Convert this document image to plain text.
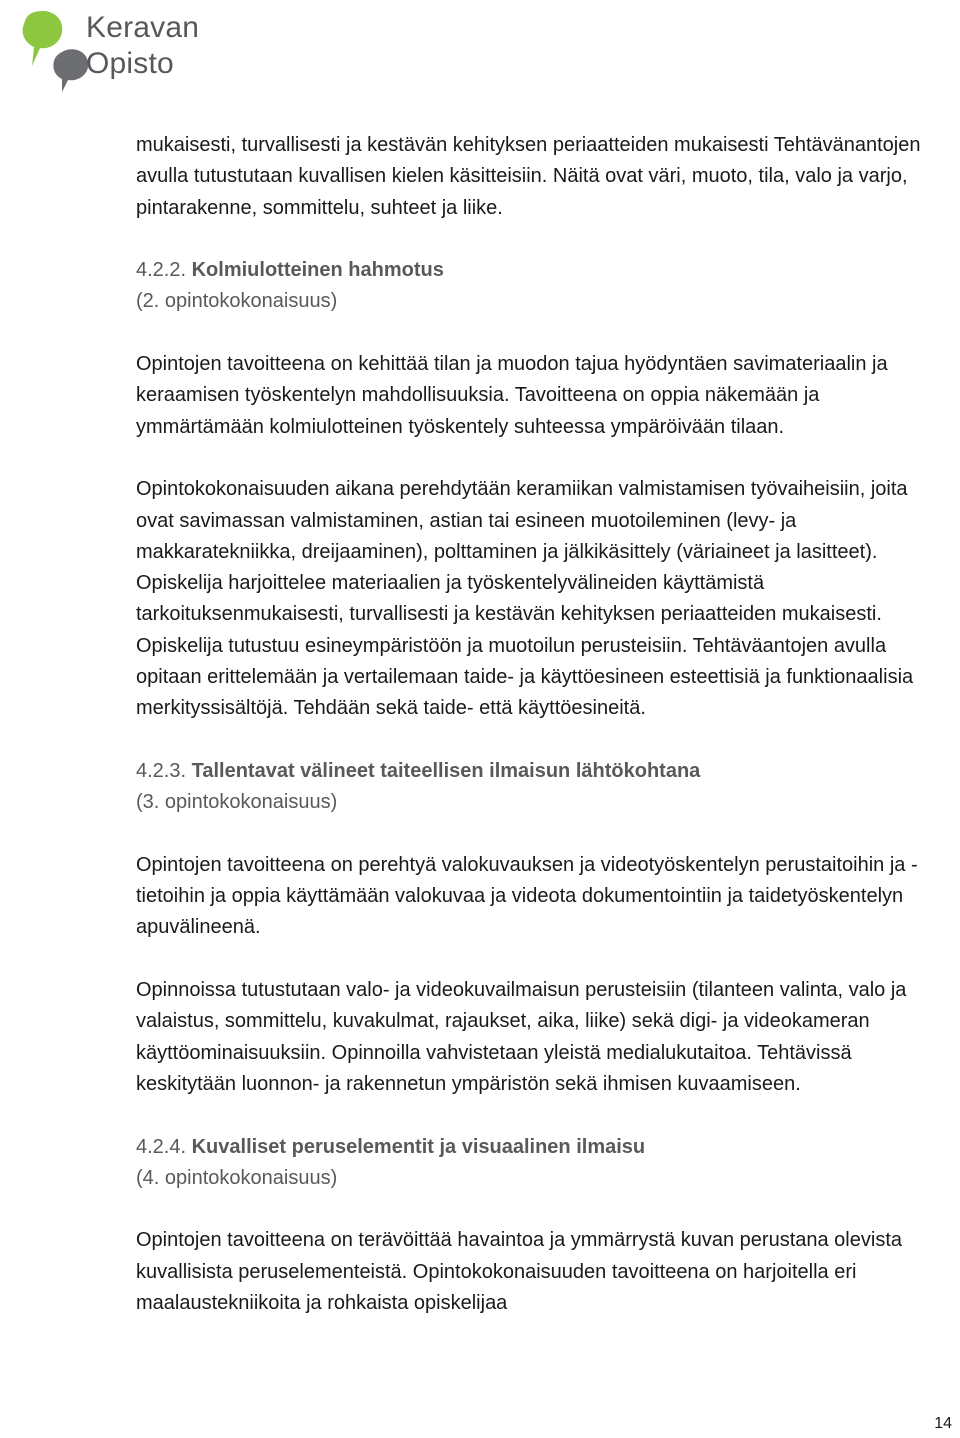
Keravan
Opisto

mukaisesti, turvallisesti ja kestävän kehityksen periaatteiden mukaisesti Tehtävänantojen avulla tutustutaan kuvallisen kielen käsitteisiin. Näitä ovat väri, muoto, tila, valo ja varjo, pintarakenne, sommittelu, suhteet ja liike.

4.2.2. Kolmiulotteinen hahmotus

(2. opintokokonaisuus)

Opintojen tavoitteena on kehittää tilan ja muodon tajua hyödyntäen savimateriaalin ja keraamisen työskentelyn mahdollisuuksia. Tavoitteena on oppia näkemään ja ymmärtämään kolmiulotteinen työskentely suhteessa ympäröivään tilaan.

Opintokokonaisuuden aikana perehdytään keramiikan valmistamisen työvaiheisiin, joita ovat savimassan valmistaminen, astian tai esineen muotoileminen (levy- ja makkaratekniikka, dreijaaminen), polttaminen ja jälkikäsittely (väriaineet ja lasitteet). Opiskelija harjoittelee materiaalien ja työskentelyvälineiden käyttämistä tarkoituksenmukaisesti, turvallisesti ja kestävän kehityksen periaatteiden mukaisesti. Opiskelija tutustuu esineympäristöön ja muotoilun perusteisiin. Tehtäväantojen avulla opitaan erittelemään ja vertailemaan taide- ja käyttöesineen esteettisiä ja funktionaalisia merkityssisältöjä. Tehdään sekä taide- että käyttöesineitä.

4.2.3. Tallentavat välineet taiteellisen ilmaisun lähtökohtana

(3. opintokokonaisuus)

Opintojen tavoitteena on perehtyä valokuvauksen ja videotyöskentelyn perustaitoihin ja -tietoihin ja oppia käyttämään valokuvaa ja videota dokumentointiin ja taidetyöskentelyn apuvälineenä.

Opinnoissa tutustutaan valo- ja videokuvailmaisun perusteisiin (tilanteen valinta, valo ja valaistus, sommittelu, kuvakulmat, rajaukset, aika, liike) sekä digi- ja videokameran käyttöominaisuuksiin. Opinnoilla vahvistetaan yleistä medialukutaitoa. Tehtävissä keskitytään luonnon- ja rakennetun ympäristön sekä ihmisen kuvaamiseen.

4.2.4. Kuvalliset peruselementit ja visuaalinen ilmaisu

(4. opintokokonaisuus)

Opintojen tavoitteena on terävöittää havaintoa ja ymmärrystä kuvan perustana olevista kuvallisista peruselementeistä. Opintokokonaisuuden tavoitteena on harjoitella eri maalaustekniikoita ja rohkaista opiskelijaa

14
